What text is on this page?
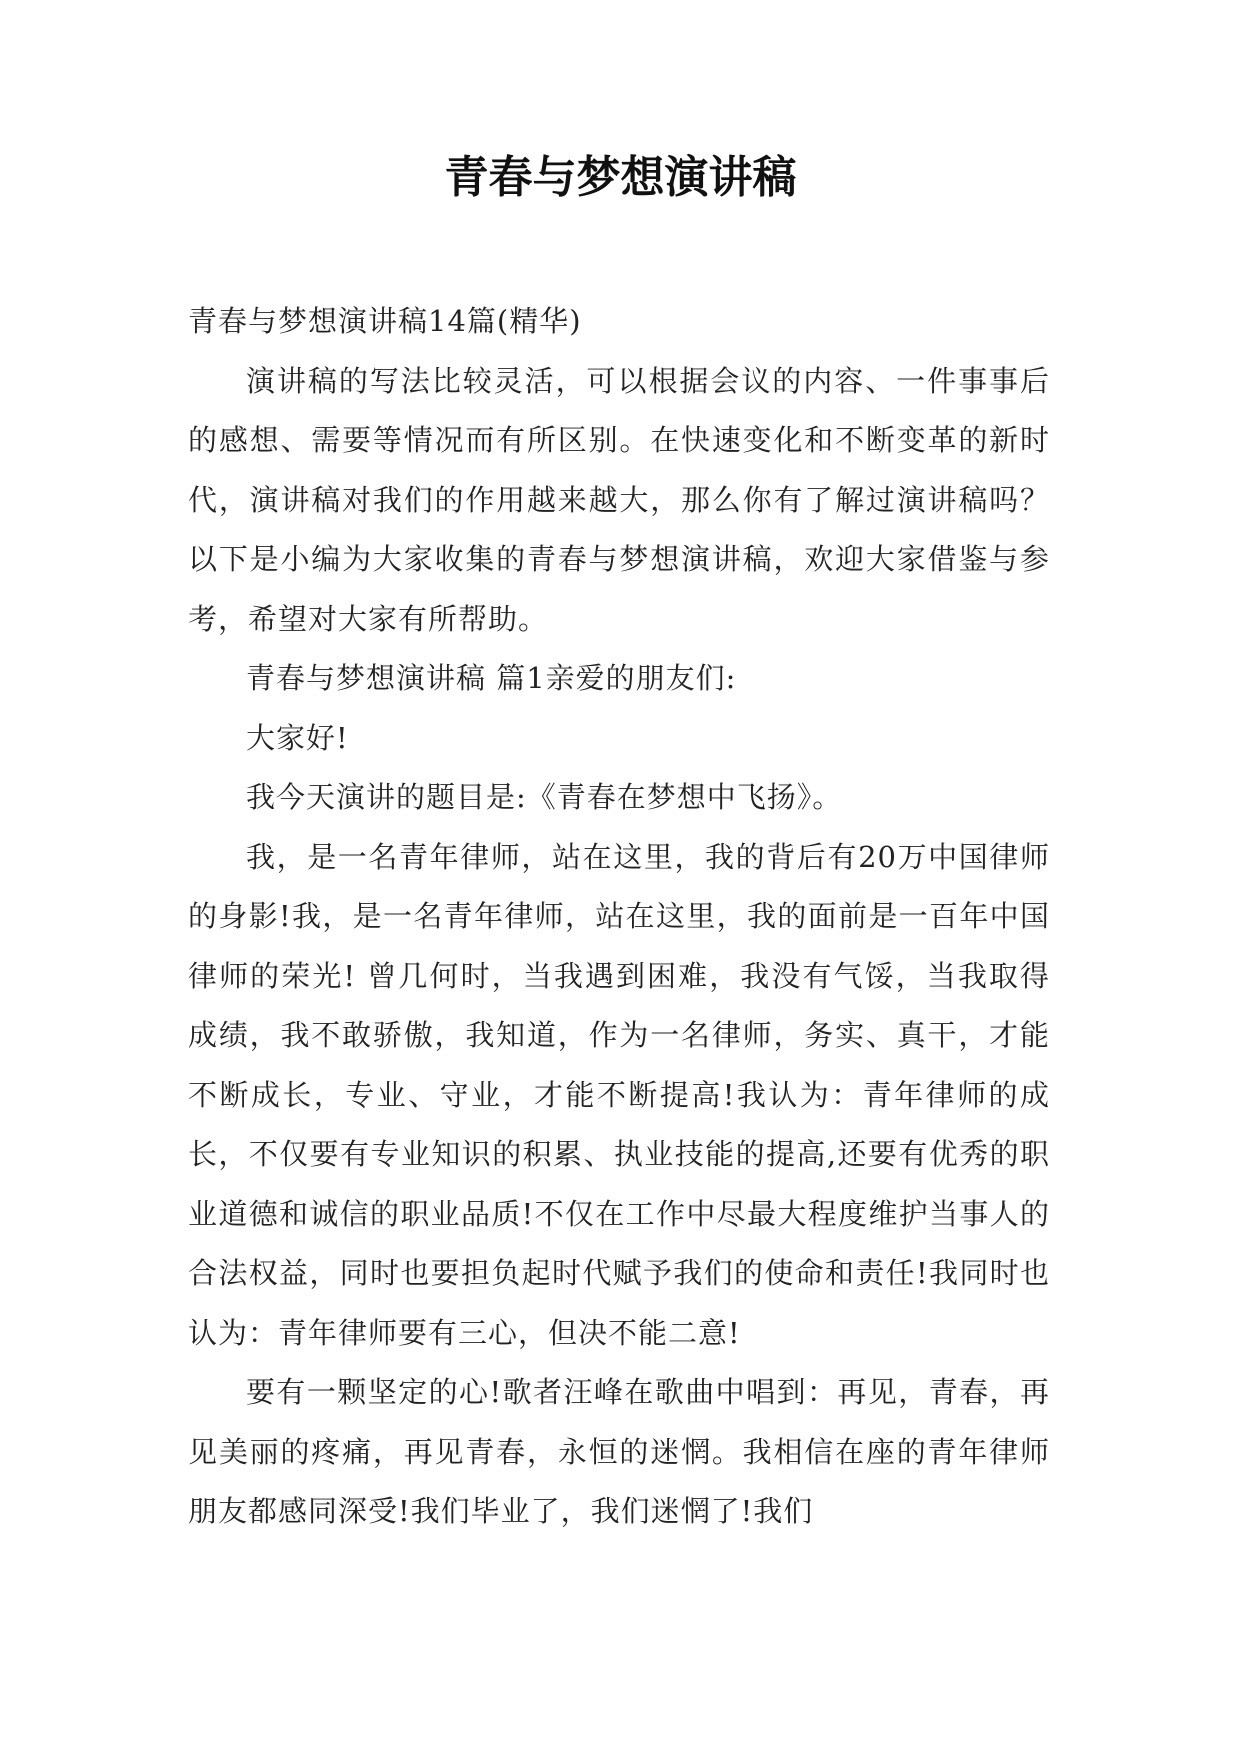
青春与梦想演讲稿

青春与梦想演讲稿14篇(精华)

演讲稿的写法比较灵活，可以根据会议的内容、一件事事后的感想、需要等情况而有所区别。在快速变化和不断变革的新时代，演讲稿对我们的作用越来越大，那么你有了解过演讲稿吗？以下是小编为大家收集的青春与梦想演讲稿，欢迎大家借鉴与参考，希望对大家有所帮助。

青春与梦想演讲稿 篇1亲爱的朋友们:

大家好!

我今天演讲的题目是:《青春在梦想中飞扬》。

我，是一名青年律师，站在这里，我的背后有20万中国律师的身影!我，是一名青年律师，站在这里，我的面前是一百年中国律师的荣光! 曾几何时，当我遇到困难，我没有气馁，当我取得成绩，我不敢骄傲，我知道，作为一名律师，务实、真干，才能不断成长，专业、守业，才能不断提高!我认为：青年律师的成长，不仅要有专业知识的积累、执业技能的提高,还要有优秀的职业道德和诚信的职业品质!不仅在工作中尽最大程度维护当事人的合法权益，同时也要担负起时代赋予我们的使命和责任!我同时也认为：青年律师要有三心，但决不能二意!

要有一颗坚定的心!歌者汪峰在歌曲中唱到：再见，青春，再见美丽的疼痛，再见青春，永恒的迷惘。我相信在座的青年律师朋友都感同深受!我们毕业了，我们迷惘了!我们
